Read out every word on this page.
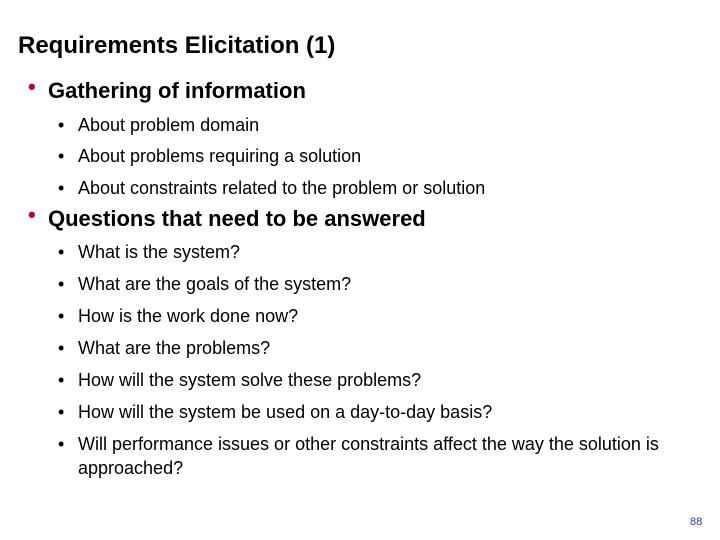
Requirements Elicitation (1)
• Gathering of information
• About problem domain
• About problems requiring a solution
• About constraints related to the problem or solution
• Questions that need to be answered
• What is the system?
• What are the goals of the system?
• How is the work done now?
• What are the problems?
• How will the system solve these problems?
• How will the system be used on a day-to-day basis?
• Will performance issues or other constraints affect the way the solution is approached?
88
